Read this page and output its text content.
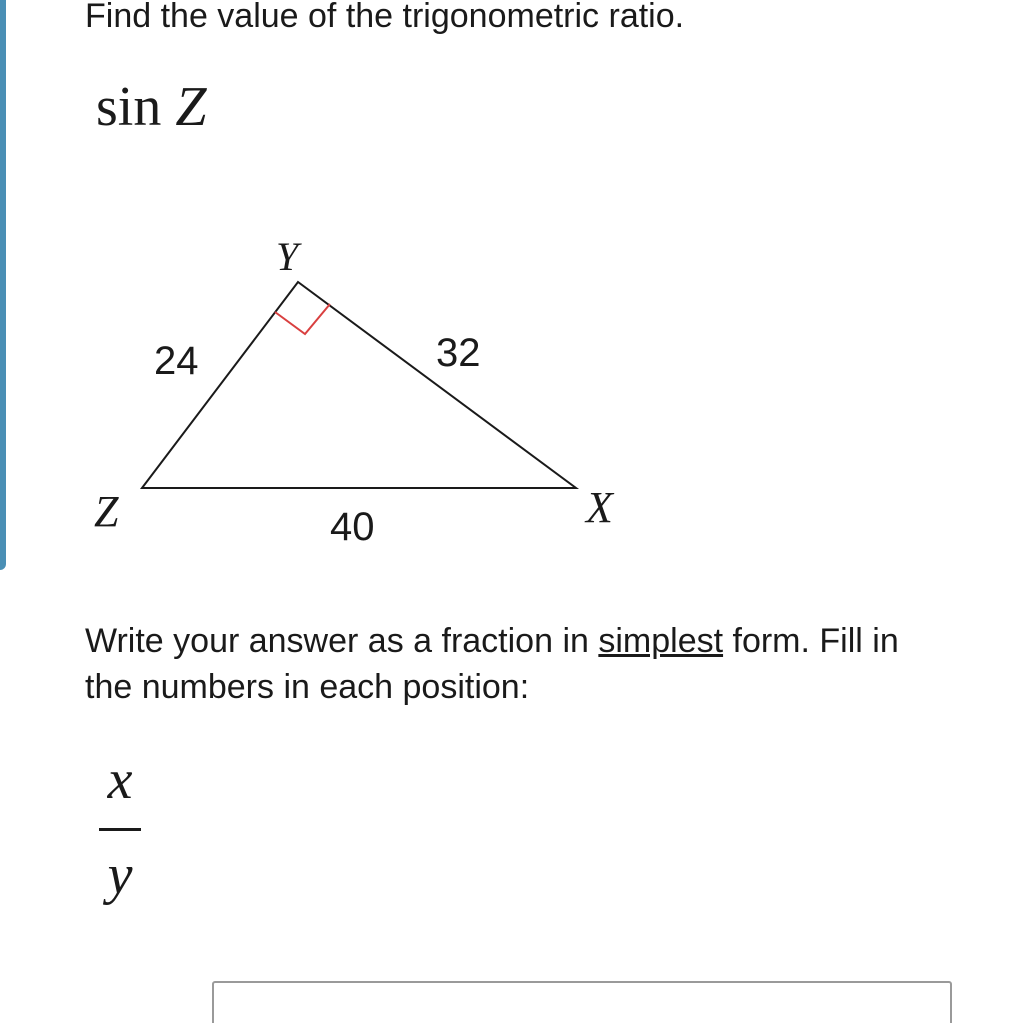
Find the value of the trigonometric ratio.
sin Z
Y
Z	X
24	32
40

Write your answer as a fraction in simplest form. Fill in
the numbers in each position:

x
y
